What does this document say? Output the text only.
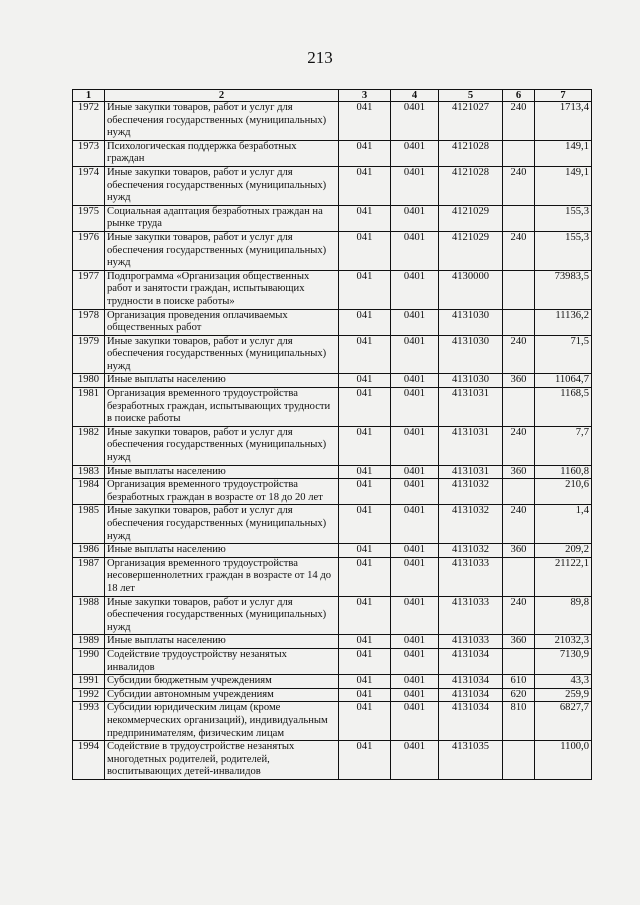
213
1	2	3	4	5	6	7
1972	Иные закупки товаров, работ и услуг для обеспечения государственных (муниципальных) нужд	041	0401	4121027	240	1713,4
1973	Психологическая поддержка безработных граждан	041	0401	4121028		149,1
1974	Иные закупки товаров, работ и услуг для обеспечения государственных (муниципальных) нужд	041	0401	4121028	240	149,1
1975	Социальная адаптация безработных граждан на рынке труда	041	0401	4121029		155,3
1976	Иные закупки товаров, работ и услуг для обеспечения государственных (муниципальных) нужд	041	0401	4121029	240	155,3
1977	Подпрограмма «Организация общественных работ и занятости граждан, испытывающих трудности в поиске работы»	041	0401	4130000		73983,5
1978	Организация проведения оплачиваемых общественных работ	041	0401	4131030		11136,2
1979	Иные закупки товаров, работ и услуг для обеспечения государственных (муниципальных) нужд	041	0401	4131030	240	71,5
1980	Иные выплаты населению	041	0401	4131030	360	11064,7
1981	Организация временного трудоустройства безработных граждан, испытывающих трудности в поиске работы	041	0401	4131031		1168,5
1982	Иные закупки товаров, работ и услуг для обеспечения государственных (муниципальных) нужд	041	0401	4131031	240	7,7
1983	Иные выплаты населению	041	0401	4131031	360	1160,8
1984	Организация временного трудоустройства безработных граждан в возрасте от 18 до 20 лет	041	0401	4131032		210,6
1985	Иные закупки товаров, работ и услуг для обеспечения государственных (муниципальных) нужд	041	0401	4131032	240	1,4
1986	Иные выплаты населению	041	0401	4131032	360	209,2
1987	Организация временного трудоустройства несовершеннолетних граждан в возрасте от 14 до 18 лет	041	0401	4131033		21122,1
1988	Иные закупки товаров, работ и услуг для обеспечения государственных (муниципальных) нужд	041	0401	4131033	240	89,8
1989	Иные выплаты населению	041	0401	4131033	360	21032,3
1990	Содействие трудоустройству незанятых инвалидов	041	0401	4131034		7130,9
1991	Субсидии бюджетным учреждениям	041	0401	4131034	610	43,3
1992	Субсидии автономным учреждениям	041	0401	4131034	620	259,9
1993	Субсидии юридическим лицам (кроме некоммерческих организаций), индивидуальным предпринимателям, физическим лицам	041	0401	4131034	810	6827,7
1994	Содействие в трудоустройстве незанятых многодетных родителей, родителей, воспитывающих детей-инвалидов	041	0401	4131035		1100,0
